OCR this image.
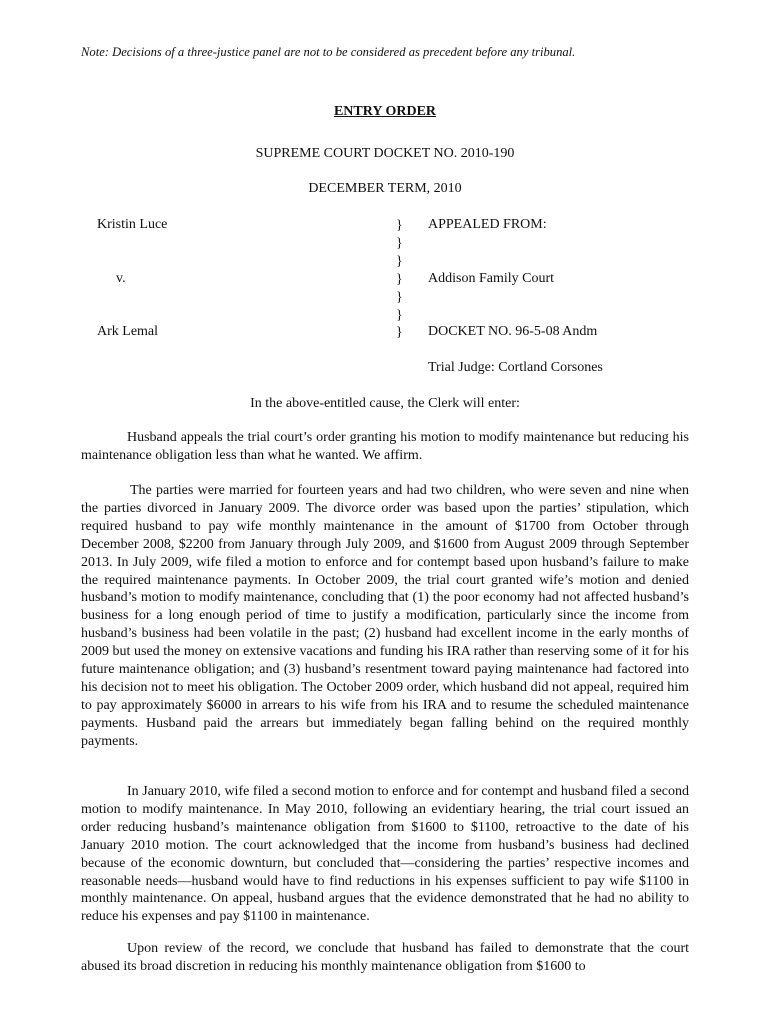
Note: Decisions of a three-justice panel are not to be considered as precedent before any tribunal.
ENTRY ORDER
SUPREME COURT DOCKET NO. 2010-190
DECEMBER TERM, 2010
Kristin Luce
v.
Ark Lemal
}
}
}
}
}
}
}
APPEALED FROM:
Addison Family Court
DOCKET NO. 96-5-08 Andm
Trial Judge: Cortland Corsones
In the above-entitled cause, the Clerk will enter:

Husband appeals the trial court’s order granting his motion to modify maintenance but reducing his maintenance obligation less than what he wanted. We affirm.

The parties were married for fourteen years and had two children, who were seven and nine when the parties divorced in January 2009. The divorce order was based upon the parties’ stipulation, which required husband to pay wife monthly maintenance in the amount of $1700 from October through December 2008, $2200 from January through July 2009, and $1600 from August 2009 through September 2013. In July 2009, wife filed a motion to enforce and for contempt based upon husband’s failure to make the required maintenance payments. In October 2009, the trial court granted wife’s motion and denied husband’s motion to modify maintenance, concluding that (1) the poor economy had not affected husband’s business for a long enough period of time to justify a modification, particularly since the income from husband’s business had been volatile in the past; (2) husband had excellent income in the early months of 2009 but used the money on extensive vacations and funding his IRA rather than reserving some of it for his future maintenance obligation; and (3) husband’s resentment toward paying maintenance had factored into his decision not to meet his obligation. The October 2009 order, which husband did not appeal, required him to pay approximately $6000 in arrears to his wife from his IRA and to resume the scheduled maintenance payments. Husband paid the arrears but immediately began falling behind on the required monthly payments.

In January 2010, wife filed a second motion to enforce and for contempt and husband filed a second motion to modify maintenance. In May 2010, following an evidentiary hearing, the trial court issued an order reducing husband’s maintenance obligation from $1600 to $1100, retroactive to the date of his January 2010 motion. The court acknowledged that the income from husband’s business had declined because of the economic downturn, but concluded that—considering the parties’ respective incomes and reasonable needs—husband would have to find reductions in his expenses sufficient to pay wife $1100 in monthly maintenance. On appeal, husband argues that the evidence demonstrated that he had no ability to reduce his expenses and pay $1100 in maintenance.

Upon review of the record, we conclude that husband has failed to demonstrate that the court abused its broad discretion in reducing his monthly maintenance obligation from $1600 to
